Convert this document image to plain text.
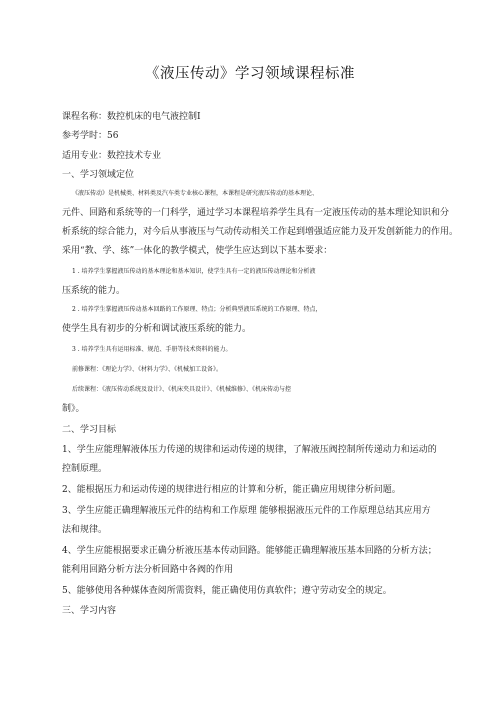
《液压传动》学习领域课程标准
课程名称：数控机床的电气液控制Ⅰ
参考学时：56
适用专业：数控技术专业
一、学习领域定位
《液压传动》是机械类、材料类及汽车类专业核心课程，本课程是研究液压传动的基本理论、
元件、回路和系统等的一门科学，通过学习本课程培养学生具有一定液压传动的基本理论知识和分
析系统的综合能力，对今后从事液压与气动传动相关工作起到增强适应能力及开发创新能力的作用。
采用“教、学、练”一体化的教学模式，使学生应达到以下基本要求：
1 . 培养学生掌握液压传动的基本理论和基本知识，使学生具有一定的液压传动理论和分析液
压系统的能力。
2 . 培养学生掌握液压传动基本回路的工作原理、特点；分析典型液压系统的工作原理、特点，
使学生具有初步的分析和调试液压系统的能力。
3 . 培养学生具有运用标准、规范、手册等技术资料的能力。
前修课程：《理论力学》、《材料力学》、《机械加工设备》。
后续课程：《液压传动系统及设计》、《机床夹具设计》、《机械维修》、《机床传动与控
制》。
二、学习目标
1、学生应能理解液体压力传递的规律和运动传递的规律，了解液压阀控制所传递动力和运动的
控制原理。
2、能根据压力和运动传递的规律进行相应的计算和分析，能正确应用规律分析问题。
3、学生应能正确理解液压元件的结构和工作原理 能够根据液压元件的工作原理总结其应用方
法和规律。
4、学生应能根据要求正确分析液压基本传动回路。能够能正确理解液压基本回路的分析方法；
能利用回路分析方法分析回路中各阀的作用
5、能够使用各种媒体查阅所需资料，能正确使用仿真软件；遵守劳动安全的规定。
三、学习内容
